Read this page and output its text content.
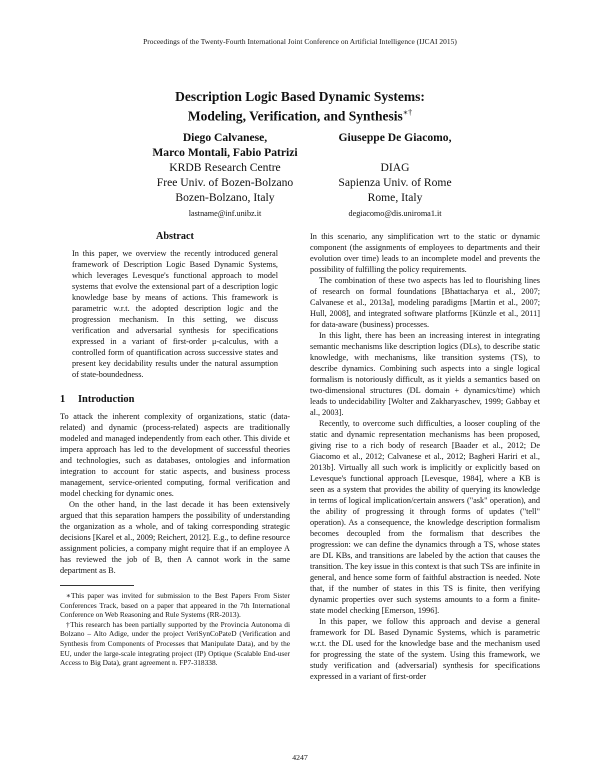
Proceedings of the Twenty-Fourth International Joint Conference on Artificial Intelligence (IJCAI 2015)
Description Logic Based Dynamic Systems:
Modeling, Verification, and Synthesis∗†
Diego Calvanese,
Marco Montali, Fabio Patrizi
KRDB Research Centre
Free Univ. of Bozen-Bolzano
Bozen-Bolzano, Italy
lastname@inf.unibz.it
Giuseppe De Giacomo,
DIAG
Sapienza Univ. of Rome
Rome, Italy
degiacomo@dis.uniroma1.it
Abstract

In this paper, we overview the recently introduced general framework of Description Logic Based Dynamic Systems, which leverages Levesque's functional approach to model systems that evolve the extensional part of a description logic knowledge base by means of actions. This framework is parametric w.r.t. the adopted description logic and the progression mechanism. In this setting, we discuss verification and adversarial synthesis for specifications expressed in a variant of first-order μ-calculus, with a controlled form of quantification across successive states and present key decidability results under the natural assumption of state-boundedness.

1 Introduction

To attack the inherent complexity of organizations, static (data-related) and dynamic (process-related) aspects are traditionally modeled and managed independently from each other. This divide et impera approach has led to the development of successful theories and technologies, such as databases, ontologies and information integration to account for static aspects, and business process management, service-oriented computing, formal verification and model checking for dynamic ones.

On the other hand, in the last decade it has been extensively argued that this separation hampers the possibility of understanding the organization as a whole, and of taking corresponding strategic decisions [Karel et al., 2009; Reichert, 2012]. E.g., to define resource assignment policies, a company might require that if an employee A has reviewed the job of B, then A cannot work in the same department as B.

∗This paper was invited for submission to the Best Papers From Sister Conferences Track, based on a paper that appeared in the 7th International Conference on Web Reasoning and Rule Systems (RR-2013).

†This research has been partially supported by the Provincia Autonoma di Bolzano – Alto Adige, under the project VeriSynCoPateD (Verification and Synthesis from Components of Processes that Manipulate Data), and by the EU, under the large-scale integrating project (IP) Optique (Scalable End-user Access to Big Data), grant agreement n. FP7-318338.

In this scenario, any simplification wrt to the static or dynamic component (the assignments of employees to departments and their evolution over time) leads to an incomplete model and prevents the possibility of fulfilling the policy requirements.

The combination of these two aspects has led to flourishing lines of research on formal foundations [Bhattacharya et al., 2007; Calvanese et al., 2013a], modeling paradigms [Martin et al., 2007; Hull, 2008], and integrated software platforms [Künzle et al., 2011] for data-aware (business) processes.

In this light, there has been an increasing interest in integrating semantic mechanisms like description logics (DLs), to describe static knowledge, with mechanisms, like transition systems (TS), to describe dynamics. Combining such aspects into a single logical formalism is notoriously difficult, as it yields a semantics based on two-dimensional structures (DL domain + dynamics/time) which leads to undecidability [Wolter and Zakharyaschev, 1999; Gabbay et al., 2003].

Recently, to overcome such difficulties, a looser coupling of the static and dynamic representation mechanisms has been proposed, giving rise to a rich body of research [Baader et al., 2012; De Giacomo et al., 2012; Calvanese et al., 2012; Bagheri Hariri et al., 2013b]. Virtually all such work is implicitly or explicitly based on Levesque's functional approach [Levesque, 1984], where a KB is seen as a system that provides the ability of querying its knowledge in terms of logical implication/certain answers ("ask" operation), and the ability of progressing it through forms of updates ("tell" operation). As a consequence, the knowledge description formalism becomes decoupled from the formalism that describes the progression: we can define the dynamics through a TS, whose states are DL KBs, and transitions are labeled by the action that causes the transition. The key issue in this context is that such TSs are infinite in general, and hence some form of faithful abstraction is needed. Note that, if the number of states in this TS is finite, then verifying dynamic properties over such systems amounts to a form a finite-state model checking [Emerson, 1996].

In this paper, we follow this approach and devise a general framework for DL Based Dynamic Systems, which is parametric w.r.t. the DL used for the knowledge base and the mechanism used for progressing the state of the system. Using this framework, we study verification and (adversarial) synthesis for specifications expressed in a variant of first-order

4247
